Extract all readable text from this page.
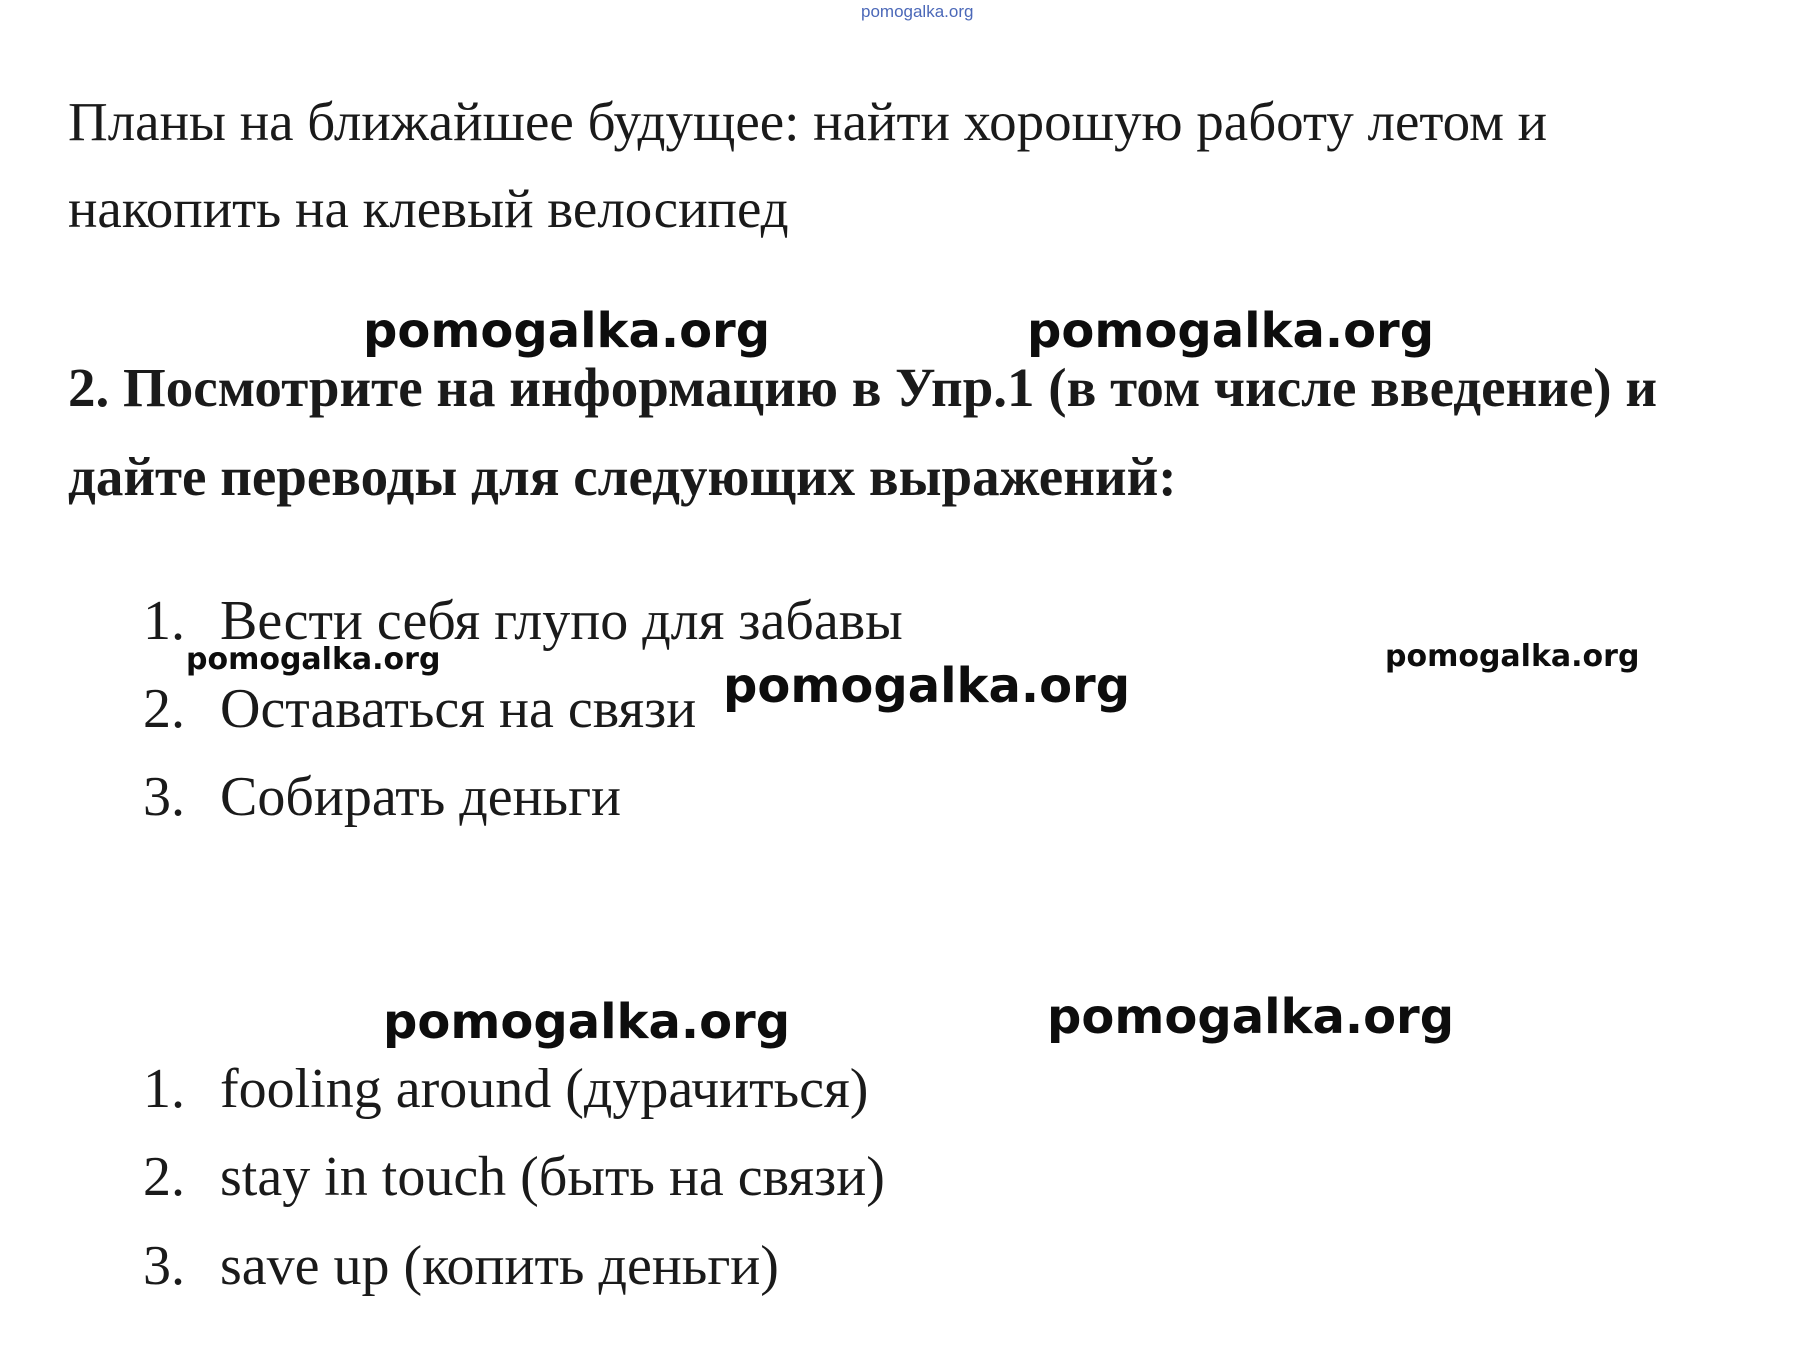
pomogalka.org
Планы на ближайшее будущее: найти хорошую работу летом и
накопить на клевый велосипед
2. Посмотрите на информацию в Упр.1 (в том числе введение) и
дайте переводы для следующих выражений:
1. Вести себя глупо для забавы
2. Оставаться на связи
3. Собирать деньги
1. fooling around (дурачиться)
2. stay in touch (быть на связи)
3. save up (копить деньги)
pomogalka.org	pomogalka.org
pomogalka.org	pomogalka.org
pomogalka.org
pomogalka.org	pomogalka.org
